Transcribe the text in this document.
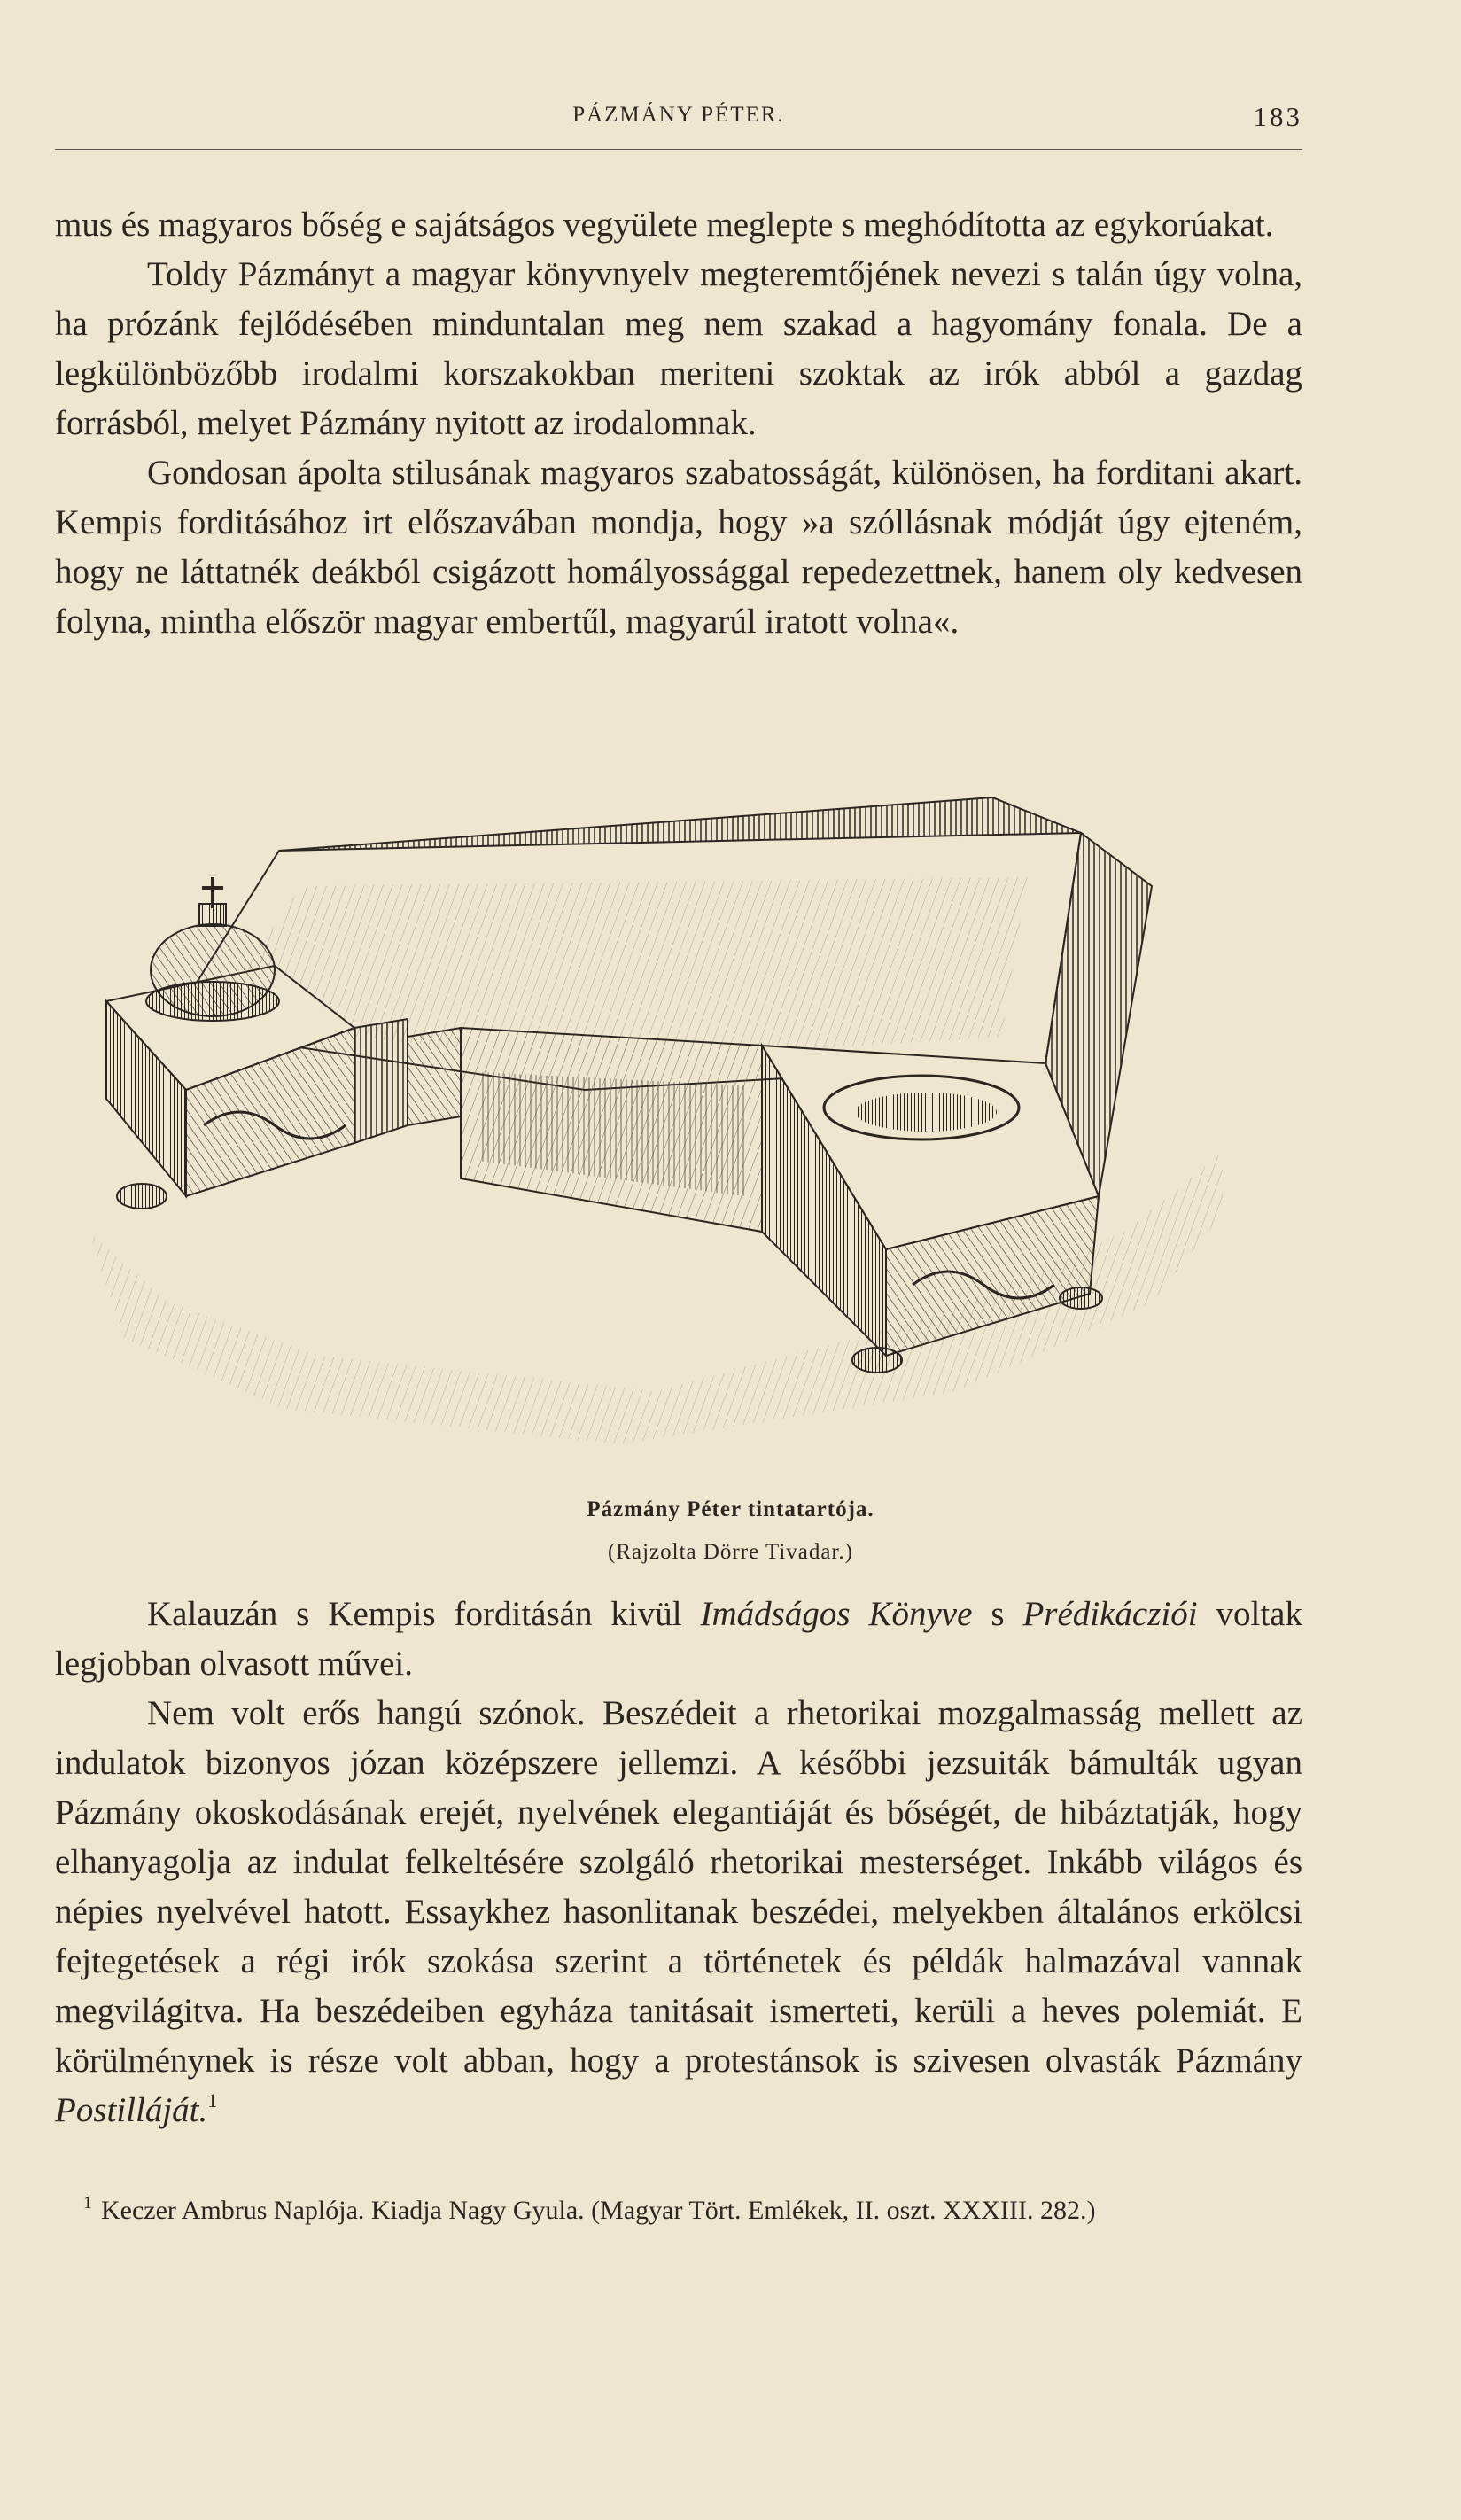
PÁZMÁNY PÉTER.	183

mus és magyaros bőség e sajátságos vegyülete meglepte s meghódította az egykorúakat.

Toldy Pázmányt a magyar könyvnyelv megteremtőjének nevezi s talán úgy volna, ha prózánk fejlődésében minduntalan meg nem szakad a hagyomány fonala. De a legkülönbözőbb irodalmi korszakokban meriteni szoktak az irók abból a gazdag forrásból, melyet Pázmány nyitott az irodalomnak.

Gondosan ápolta stilusának magyaros szabatosságát, különösen, ha forditani akart. Kempis forditásához irt előszavában mondja, hogy »a szóllásnak módját úgy ejteném, hogy ne láttatnék deákból csigázott homályossággal repedezettnek, hanem oly kedvesen folyna, mintha először magyar embertűl, magyarúl iratott volna«.

Pázmány Péter tintatartója.
(Rajzolta Dörre Tivadar.)

Kalauzán s Kempis forditásán kivül Imádságos Könyve s Prédikácziói voltak legjobban olvasott művei.

Nem volt erős hangú szónok. Beszédeit a rhetorikai mozgalmasság mellett az indulatok bizonyos józan középszere jellemzi. A későbbi jezsuiták bámulták ugyan Pázmány okoskodásának erejét, nyelvének elegantiáját és bőségét, de hibáztatják, hogy elhanyagolja az indulat felkeltésére szolgáló rhetorikai mesterséget. Inkább világos és népies nyelvével hatott. Essaykhez hasonlitanak beszédei, melyekben általános erkölcsi fejtegetések a régi irók szokása szerint a történetek és példák halmazával vannak megvilágitva. Ha beszédeiben egyháza tanitásait ismerteti, kerüli a heves polemiát. E körülménynek is része volt abban, hogy a protestánsok is szivesen olvasták Pázmány Postilláját.$^1$

$^1$ Keczer Ambrus Naplója. Kiadja Nagy Gyula. (Magyar Tört. Emlékek, II. oszt. XXXIII. 282.)
